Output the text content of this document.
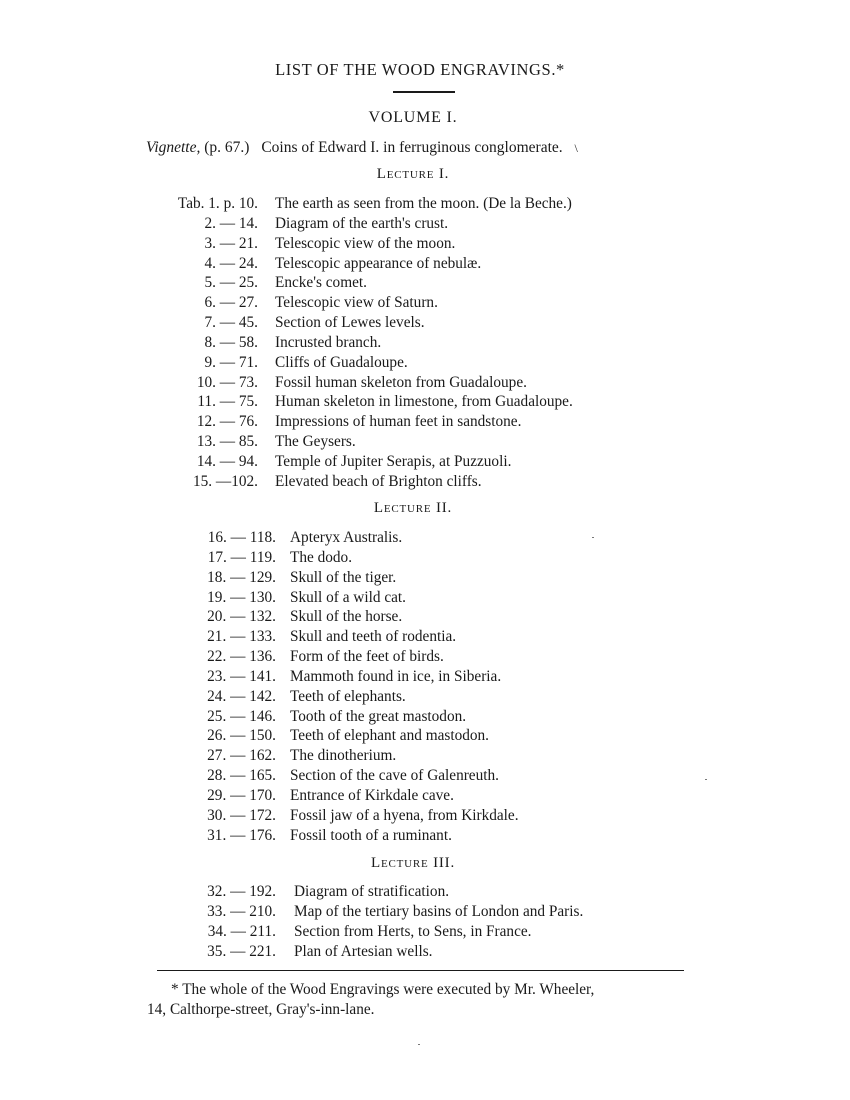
LIST OF THE WOOD ENGRAVINGS.*
VOLUME I.
Vignette, (p. 67.) Coins of Edward I. in ferruginous conglomerate. \
Lecture I.
Tab. 1. p. 10. The earth as seen from the moon. (De la Beche.)
2. — 14. Diagram of the earth's crust.
3. — 21. Telescopic view of the moon.
4. — 24. Telescopic appearance of nebulæ.
5. — 25. Encke's comet.
6. — 27. Telescopic view of Saturn.
7. — 45. Section of Lewes levels.
8. — 58. Incrusted branch.
9. — 71. Cliffs of Guadaloupe.
10. — 73. Fossil human skeleton from Guadaloupe.
11. — 75. Human skeleton in limestone, from Guadaloupe.
12. — 76. Impressions of human feet in sandstone.
13. — 85. The Geysers.
14. — 94. Temple of Jupiter Serapis, at Puzzuoli.
15. —102. Elevated beach of Brighton cliffs.
Lecture II.
16. — 118. Apteryx Australis.
17. — 119. The dodo.
18. — 129. Skull of the tiger.
19. — 130. Skull of a wild cat.
20. — 132. Skull of the horse.
21. — 133. Skull and teeth of rodentia.
22. — 136. Form of the feet of birds.
23. — 141. Mammoth found in ice, in Siberia.
24. — 142. Teeth of elephants.
25. — 146. Tooth of the great mastodon.
26. — 150. Teeth of elephant and mastodon.
27. — 162. The dinotherium.
28. — 165. Section of the cave of Galenreuth.
29. — 170. Entrance of Kirkdale cave.
30. — 172. Fossil jaw of a hyena, from Kirkdale.
31. — 176. Fossil tooth of a ruminant.
Lecture III.
32. — 192. Diagram of stratification.
33. — 210. Map of the tertiary basins of London and Paris.
34. — 211. Section from Herts, to Sens, in France.
35. — 221. Plan of Artesian wells.
* The whole of the Wood Engravings were executed by Mr. Wheeler,
14, Calthorpe-street, Gray's-inn-lane.
